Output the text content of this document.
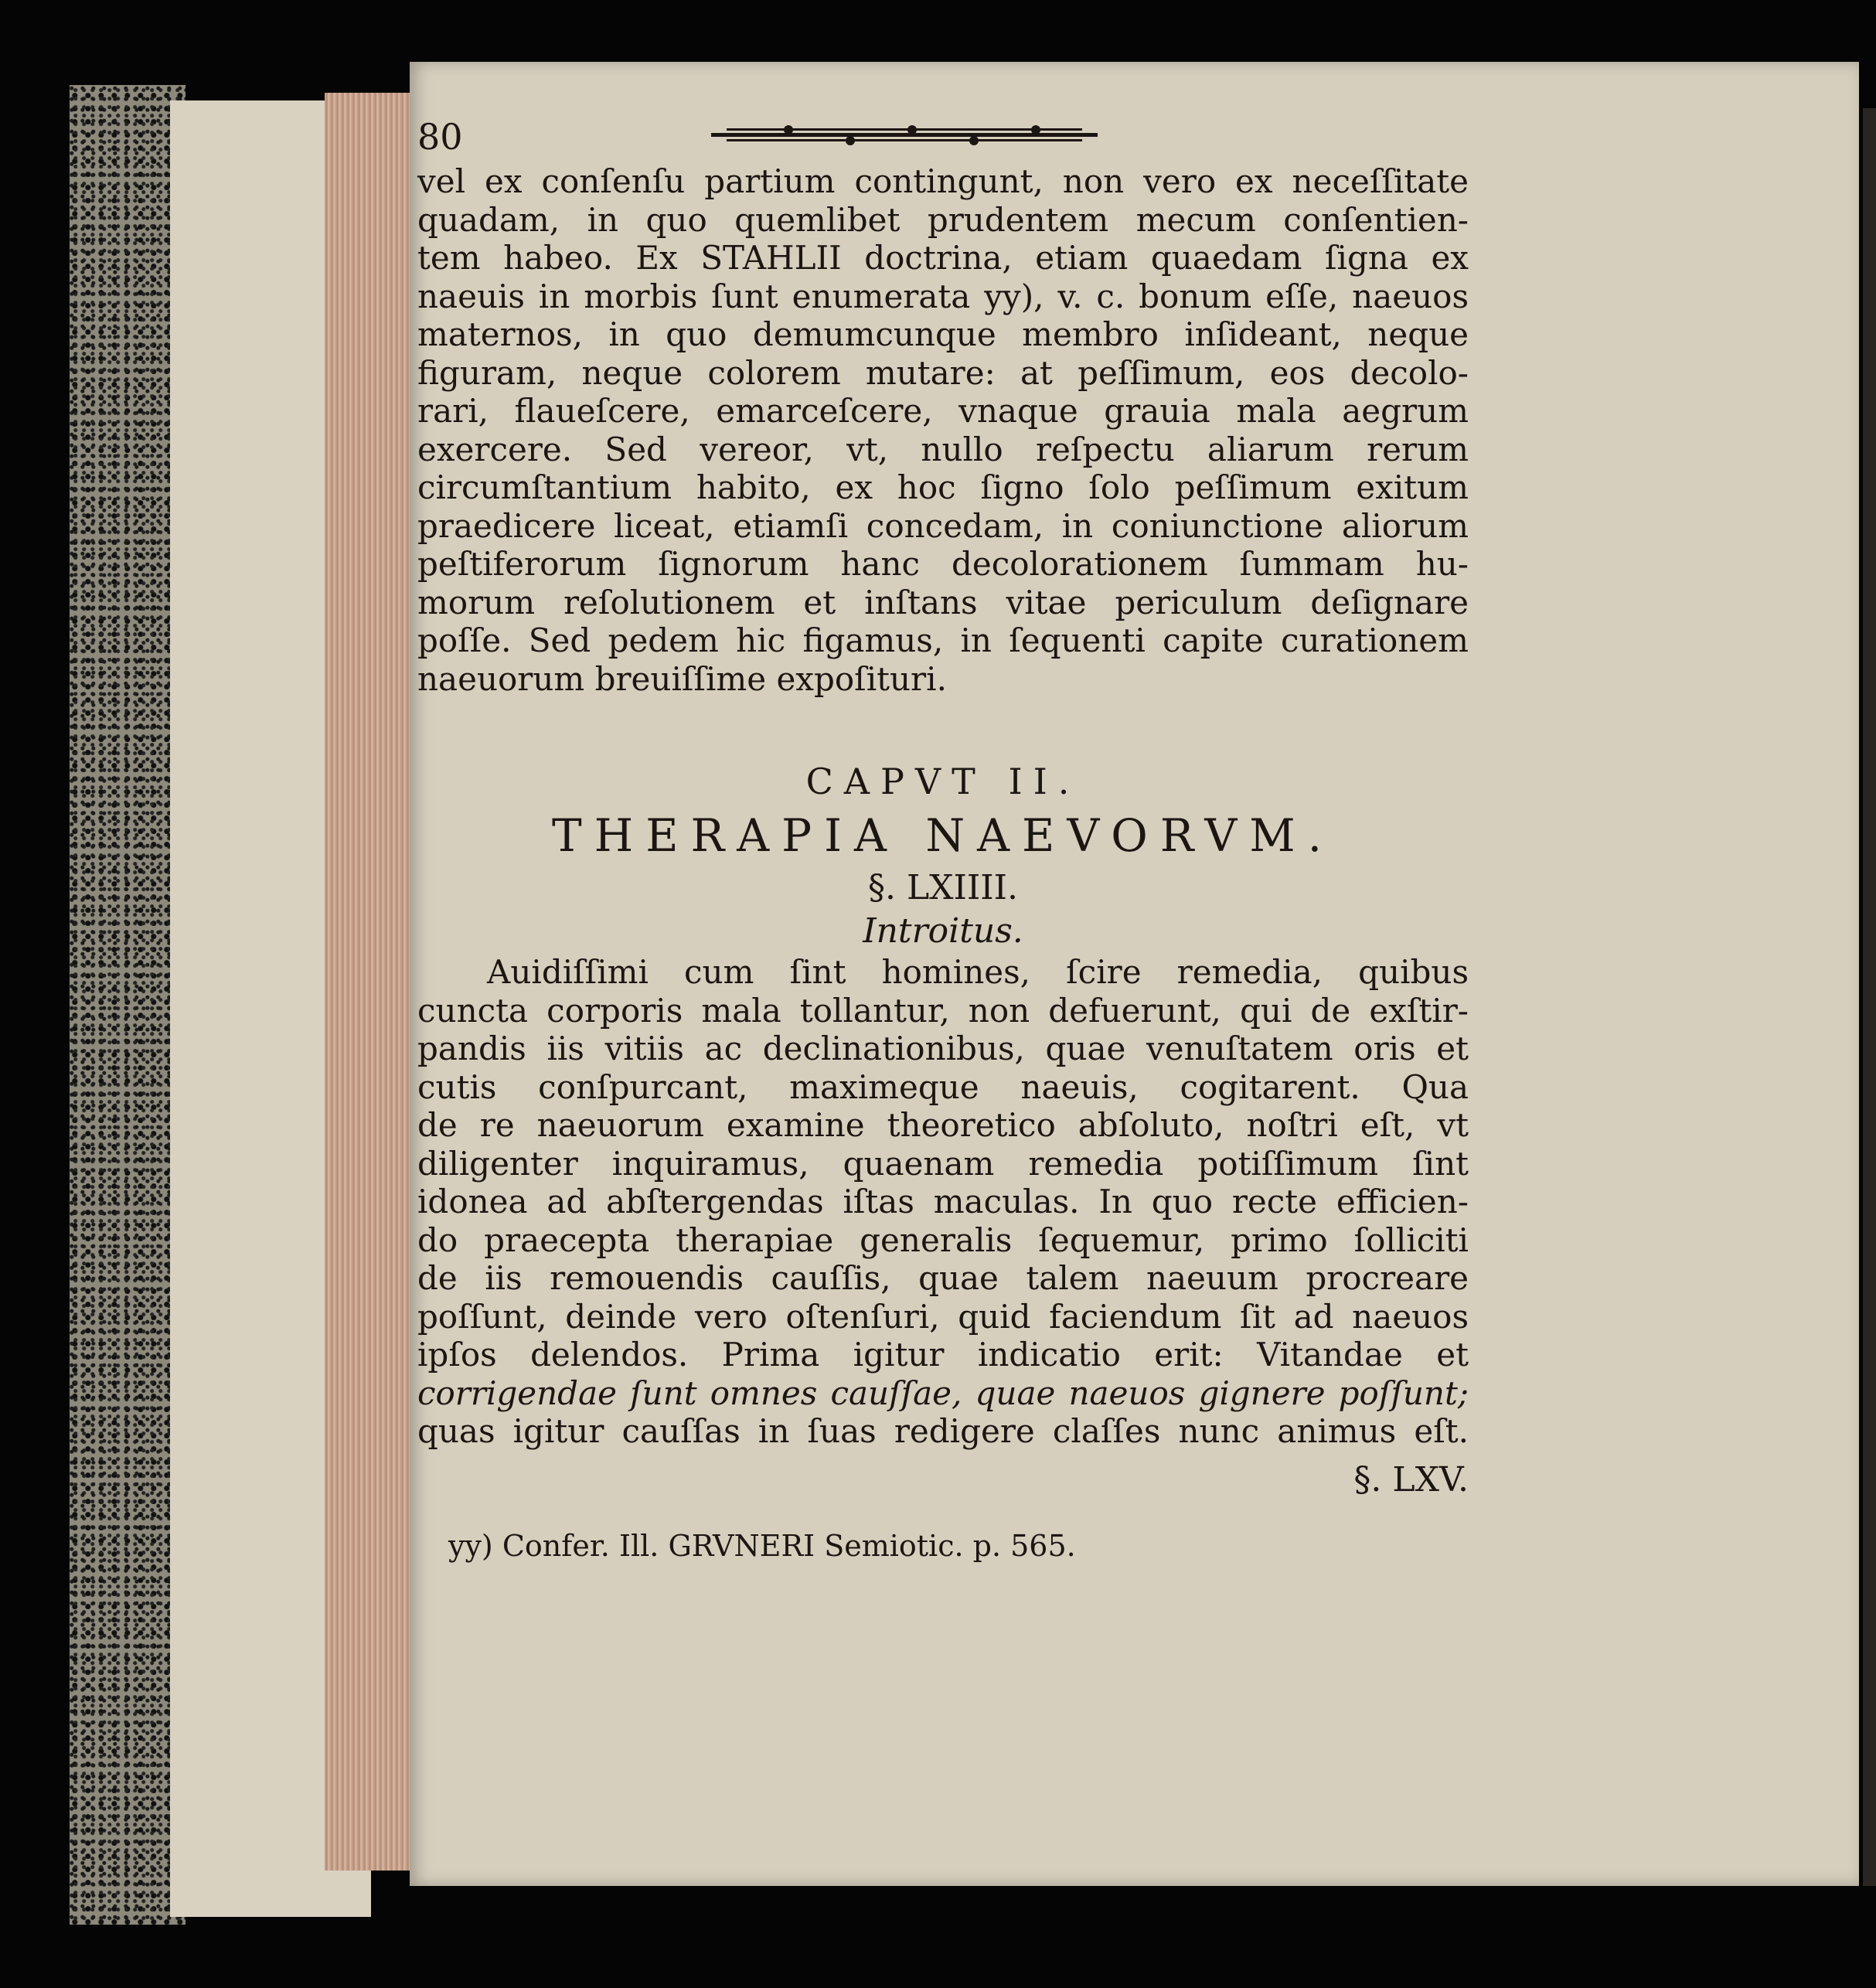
80

vel ex conſenſu partium contingunt, non vero ex neceſſitate
quadam, in quo quemlibet prudentem mecum conſentien-
tem habeo. Ex STAHLII doctrina, etiam quaedam ſigna ex
naeuis in morbis ſunt enumerata yy), v. c. bonum eſſe, naeuos
maternos, in quo demumcunque membro inſideant, neque
figuram, neque colorem mutare: at peſſimum, eos decolo-
rari, flaueſcere, emarceſcere, vnaque grauia mala aegrum
exercere. Sed vereor, vt, nullo reſpectu aliarum rerum
circumſtantium habito, ex hoc ſigno ſolo peſſimum exitum
praedicere liceat, etiamſi concedam, in coniunctione aliorum
peſtiferorum ſignorum hanc decolorationem ſummam hu-
morum reſolutionem et inſtans vitae periculum deſignare
poſſe. Sed pedem hic figamus, in ſequenti capite curationem
naeuorum breuiſſime expoſituri.

CAPVT II.

THERAPIA NAEVORVM.

§. LXIIII.

Introitus.

Auidiſſimi cum ſint homines, ſcire remedia, quibus
cuncta corporis mala tollantur, non defuerunt, qui de exſtir-
pandis iis vitiis ac declinationibus, quae venuſtatem oris et
cutis conſpurcant, maximeque naeuis, cogitarent. Qua
de re naeuorum examine theoretico abſoluto, noſtri eſt, vt
diligenter inquiramus, quaenam remedia potiſſimum ſint
idonea ad abſtergendas iſtas maculas. In quo recte efficien-
do praecepta therapiae generalis ſequemur, primo ſolliciti
de iis remouendis cauſſis, quae talem naeuum procreare
poſſunt, deinde vero oſtenſuri, quid faciendum ſit ad naeuos
ipſos delendos. Prima igitur indicatio erit: Vitandae et
corrigendae ſunt omnes cauſſae, quae naeuos gignere poſſunt;
quas igitur cauſſas in ſuas redigere claſſes nunc animus eſt.

§. LXV.
yy) Confer. Ill. GRVNERI Semiotic. p. 565.
